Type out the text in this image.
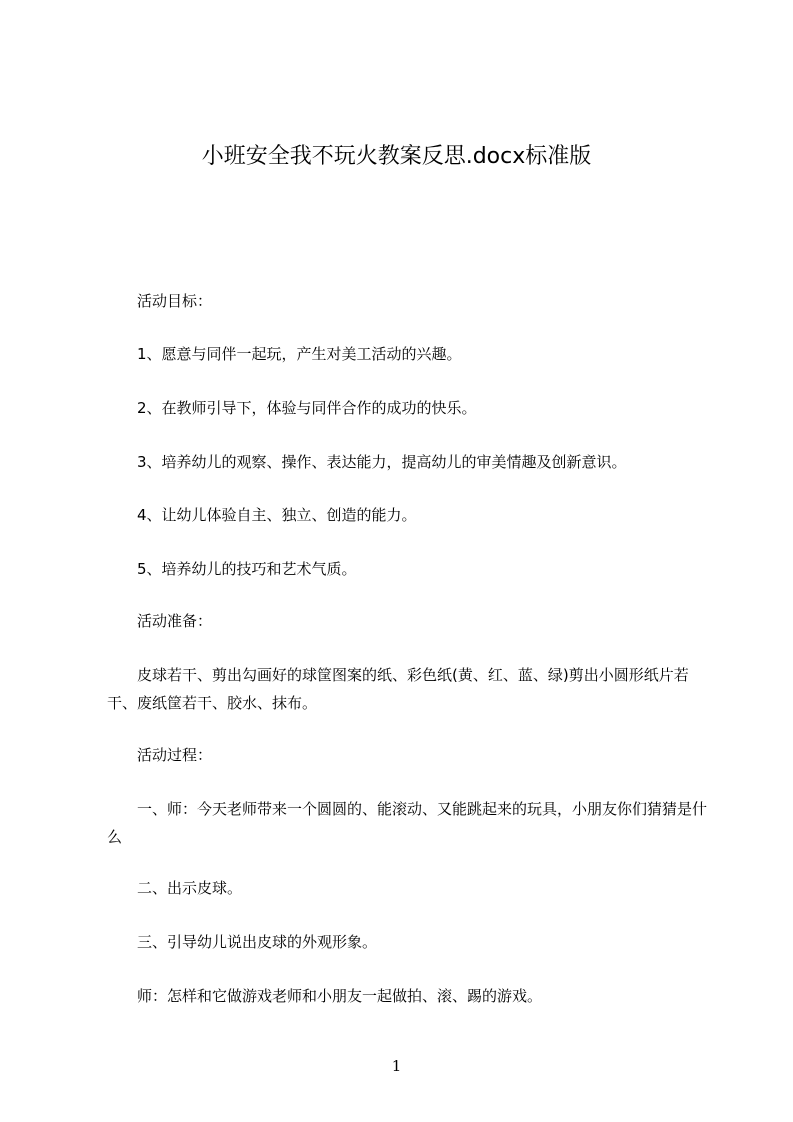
小班安全我不玩火教案反思.docx标准版

活动目标：

1、愿意与同伴一起玩，产生对美工活动的兴趣。

2、在教师引导下，体验与同伴合作的成功的快乐。

3、培养幼儿的观察、操作、表达能力，提高幼儿的审美情趣及创新意识。

4、让幼儿体验自主、独立、创造的能力。

5、培养幼儿的技巧和艺术气质。

活动准备：

皮球若干、剪出勾画好的球筐图案的纸、彩色纸(黄、红、蓝、绿)剪出小圆形纸片若干、废纸筐若干、胶水、抹布。

活动过程：

一、师：今天老师带来一个圆圆的、能滚动、又能跳起来的玩具，小朋友你们猜猜是什么

二、出示皮球。

三、引导幼儿说出皮球的外观形象。

师：怎样和它做游戏老师和小朋友一起做拍、滚、踢的游戏。

1
